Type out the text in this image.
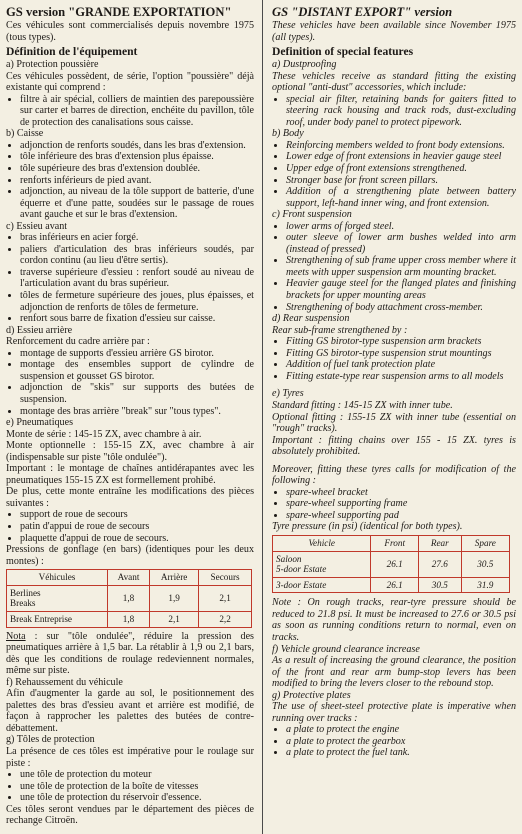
GS version "GRANDE EXPORTATION"
Ces véhicules sont commercialisés depuis novembre 1975 (tous types).
Définition de l'équipement
a) Protection poussière
Ces véhicules possèdent, de série, l'option "poussière" déjà existante qui comprend :
• filtre à air spécial, colliers de maintien des parepoussière sur carter et barres de direction, enchéite du pavillon, tôle de protection des canalisations sous caisse.
b) Caisse
• adjonction de renforts soudés, dans les bras d'extension.
• tôle inférieure des bras d'extension plus épaisse.
• tôle supérieure des bras d'extension doublée.
• renforts inférieurs de pied avant.
• adjonction, au niveau de la tôle support de batterie, d'une équerre et d'une patte, soudées sur le passage de roues avant gauche et sur le bras d'extension.
c) Essieu avant
• bras inférieurs en acier forgé.
• paliers d'articulation des bras inférieurs soudés, par cordon continu (au lieu d'être sertis).
• traverse supérieure d'essieu : renfort soudé au niveau de l'articulation avant du bras supérieur.
• tôles de fermeture supérieure des joues, plus épaisses, et adjonction de renforts de tôles de fermeture.
• renfort sous barre de fixation d'essieu sur caisse.
d) Essieu arrière
Renforcement du cadre arrière par :
• montage de supports d'essieu arrière GS birotor.
• montage des ensembles support de cylindre de suspension et gousset GS birotor.
• adjonction de "skis" sur supports des butées de suspension.
• montage des bras arrière "break" sur "tous types".
e) Pneumatiques
Monte de série : 145-15 ZX, avec chambre à air.
Monte optionnelle : 155-15 ZX, avec chambre à air (indispensable sur piste "tôle ondulée").
Important : le montage de chaînes antidérapantes avec les pneumatiques 155-15 ZX est formellement prohibé.
De plus, cette monte entraîne les modifications des pièces suivantes :
• support de roue de secours
• patin d'appui de roue de secours
• plaquette d'appui de roue de secours.
Pressions de gonflage (en bars) (identiques pour les deux montes) :
Véhicules	Avant	Arrière	Secours
Berlines
Breaks	1,8	1,9	2,1
Break Entreprise	1,8	2,1	2,2
Nota : sur "tôle ondulée", réduire la pression des pneumatiques arrière à 1,5 bar. La rétablir à 1,9 ou 2,1 bars, dès que les conditions de roulage redeviennent normales, même sur piste.
f) Rehaussement du véhicule
Afin d'augmenter la garde au sol, le positionnement des palettes des bras d'essieu avant et arrière est modifié, de façon à rapprocher les palettes des butées de contre-débattement.
g) Tôles de protection
La présence de ces tôles est impérative pour le roulage sur piste :
• une tôle de protection du moteur
• une tôle de protection de la boîte de vitesses
• une tôle de protection du réservoir d'essence.
Ces tôles seront vendues par le département des pièces de rechange Citroën.
GS "DISTANT EXPORT" version
These vehicles have been available since November 1975 (all types).
Definition of special features
a) Dustproofing
These vehicles receive as standard fitting the existing optional "anti-dust" accessories, which include:
• special air filter, retaining bands for gaiters fitted to steering rack housing and track rods, dust-excluding roof, under body panel to protect pipework.
b) Body
• Reinforcing members welded to front body extensions.
• Lower edge of front extensions in heavier gauge steel
• Upper edge of front extensions strengthened.
• Stronger base for front screen pillars.
• Addition of a strengthening plate between battery support, left-hand inner wing, and front extension.
c) Front suspension
• lower arms of forged steel.
• outer sleeve of lower arm bushes welded into arm (instead of pressed)
• Strengthening of sub frame upper cross member where it meets with upper suspension arm mounting bracket.
• Heavier gauge steel for the flanged plates and finishing brackets for upper mounting areas
• Strengthening of body attachment cross-member.
d) Rear suspension
Rear sub-frame strengthened by :
• Fitting GS birotor-type suspension arm brackets
• Fitting GS birotor-type suspension strut mountings
• Addition of fuel tank protection plate
• Fitting estate-type rear suspension arms to all models
e) Tyres
Standard fitting : 145-15 ZX with inner tube.
Optional fitting : 155-15 ZX with inner tube (essential on "rough" tracks).
Important : fitting chains over 155 - 15 ZX. tyres is absolutely prohibited.
Moreover, fitting these tyres calls for modification of the following :
• spare-wheel bracket
• spare-wheel supporting frame
• spare-wheel supporting pad
Tyre pressure (in psi) (identical for both types).
Vehicle	Front	Rear	Spare
Saloon
5-door Estate	26.1	27.6	30.5
3-door Estate	26.1	30.5	31.9
Note : On rough tracks, rear-tyre pressure should be reduced to 21.8 psi. It must be increased to 27.6 or 30.5 psi as soon as running conditions return to normal, even on tracks.
f) Vehicle ground clearance increase
As a result of increasing the ground clearance, the position of the front and rear arm bump-stop levers has been modified to bring the levers closer to the rebound stop.
g) Protective plates
The use of sheet-steel protective plate is imperative when running over tracks :
• a plate to protect the engine
• a plate to protect the gearbox
• a plate to protect the fuel tank.
